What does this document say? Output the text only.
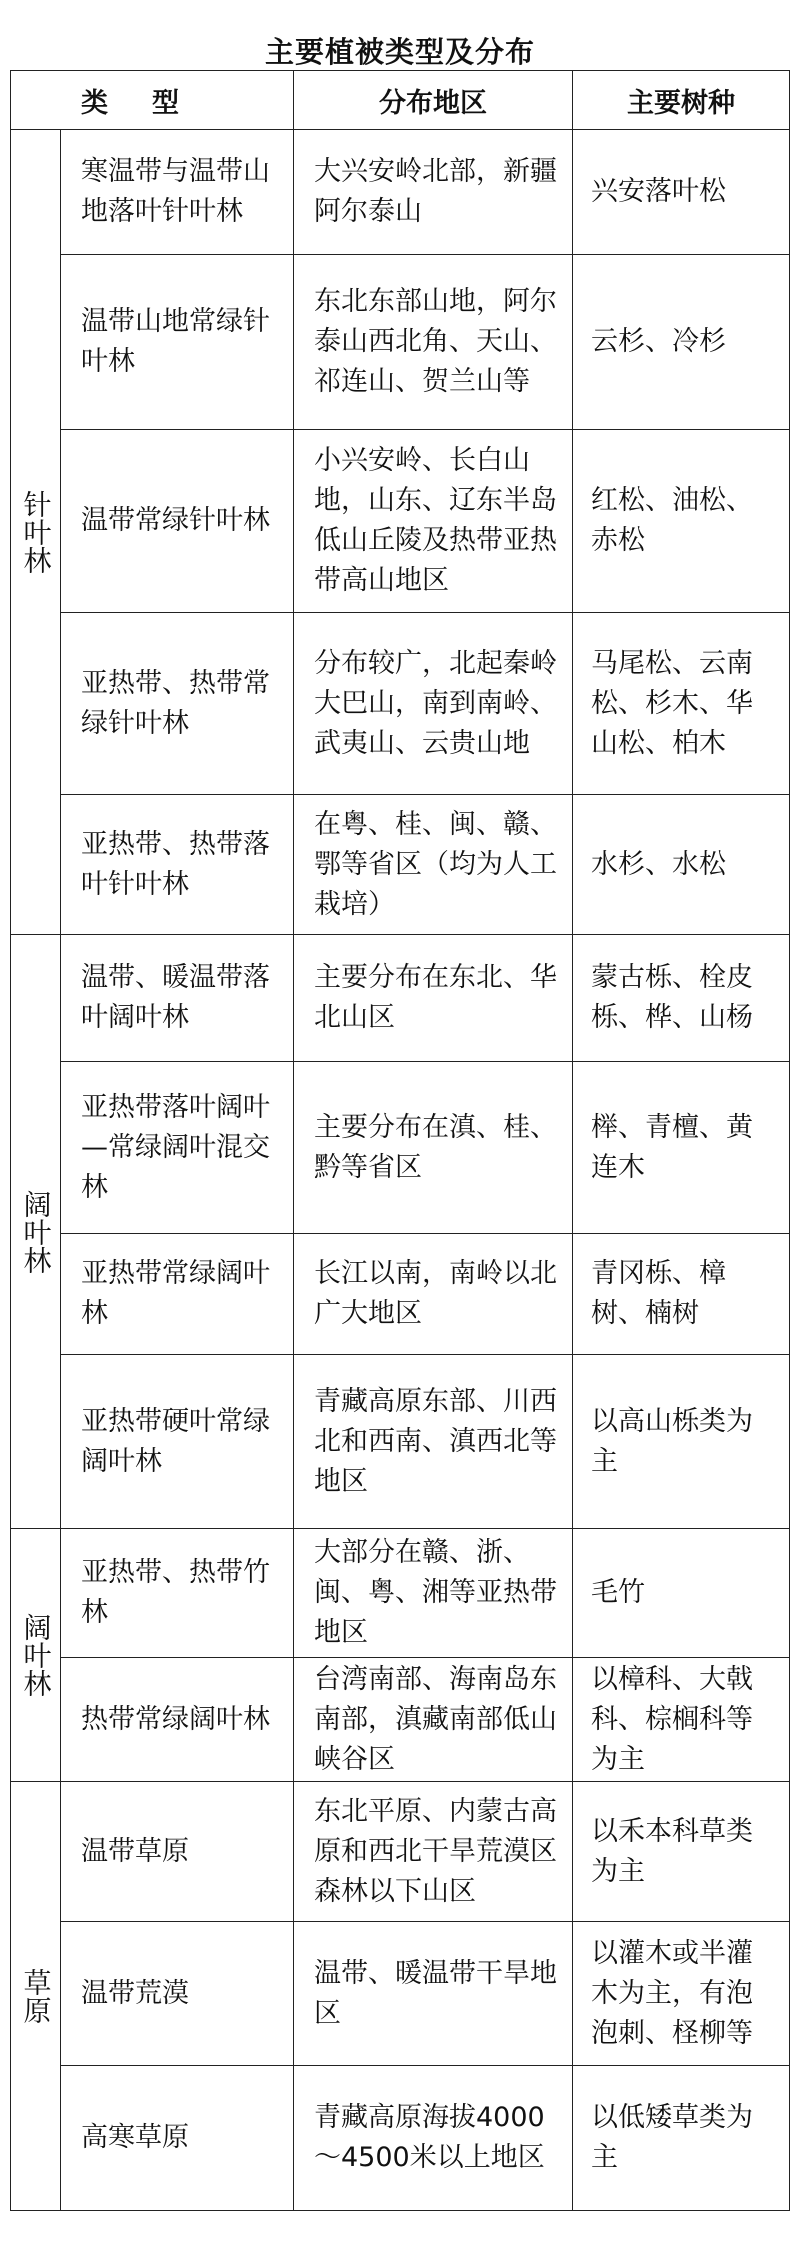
主要植被类型及分布
类型		分布地区	主要树种
针叶林	寒温带与温带山地落叶针叶林	大兴安岭北部，新疆阿尔泰山	兴安落叶松
	温带山地常绿针叶林	东北东部山地，阿尔泰山西北角、天山、祁连山、贺兰山等	云杉、冷杉
	温带常绿针叶林	小兴安岭、长白山地，山东、辽东半岛低山丘陵及热带亚热带高山地区	红松、油松、赤松
	亚热带、热带常绿针叶林	分布较广，北起秦岭大巴山，南到南岭、武夷山、云贵山地	马尾松、云南松、杉木、华山松、柏木
	亚热带、热带落叶针叶林	在粤、桂、闽、赣、鄂等省区（均为人工栽培）	水杉、水松
阔叶林	温带、暖温带落叶阔叶林	主要分布在东北、华北山区	蒙古栎、栓皮栎、桦、山杨
	亚热带落叶阔叶—常绿阔叶混交林	主要分布在滇、桂、黔等省区	榉、青檀、黄连木
	亚热带常绿阔叶林	长江以南，南岭以北广大地区	青冈栎、樟树、楠树
	亚热带硬叶常绿阔叶林	青藏高原东部、川西北和西南、滇西北等地区	以高山栎类为主
阔叶林	亚热带、热带竹林	大部分在赣、浙、闽、粤、湘等亚热带地区	毛竹
	热带常绿阔叶林	台湾南部、海南岛东南部，滇藏南部低山峡谷区	以樟科、大戟科、棕榈科等为主
草原	温带草原	东北平原、内蒙古高原和西北干旱荒漠区森林以下山区	以禾本科草类为主
	温带荒漠	温带、暖温带干旱地区	以灌木或半灌木为主，有泡泡刺、柽柳等
	高寒草原	青藏高原海拔4000～4500米以上地区	以低矮草类为主
